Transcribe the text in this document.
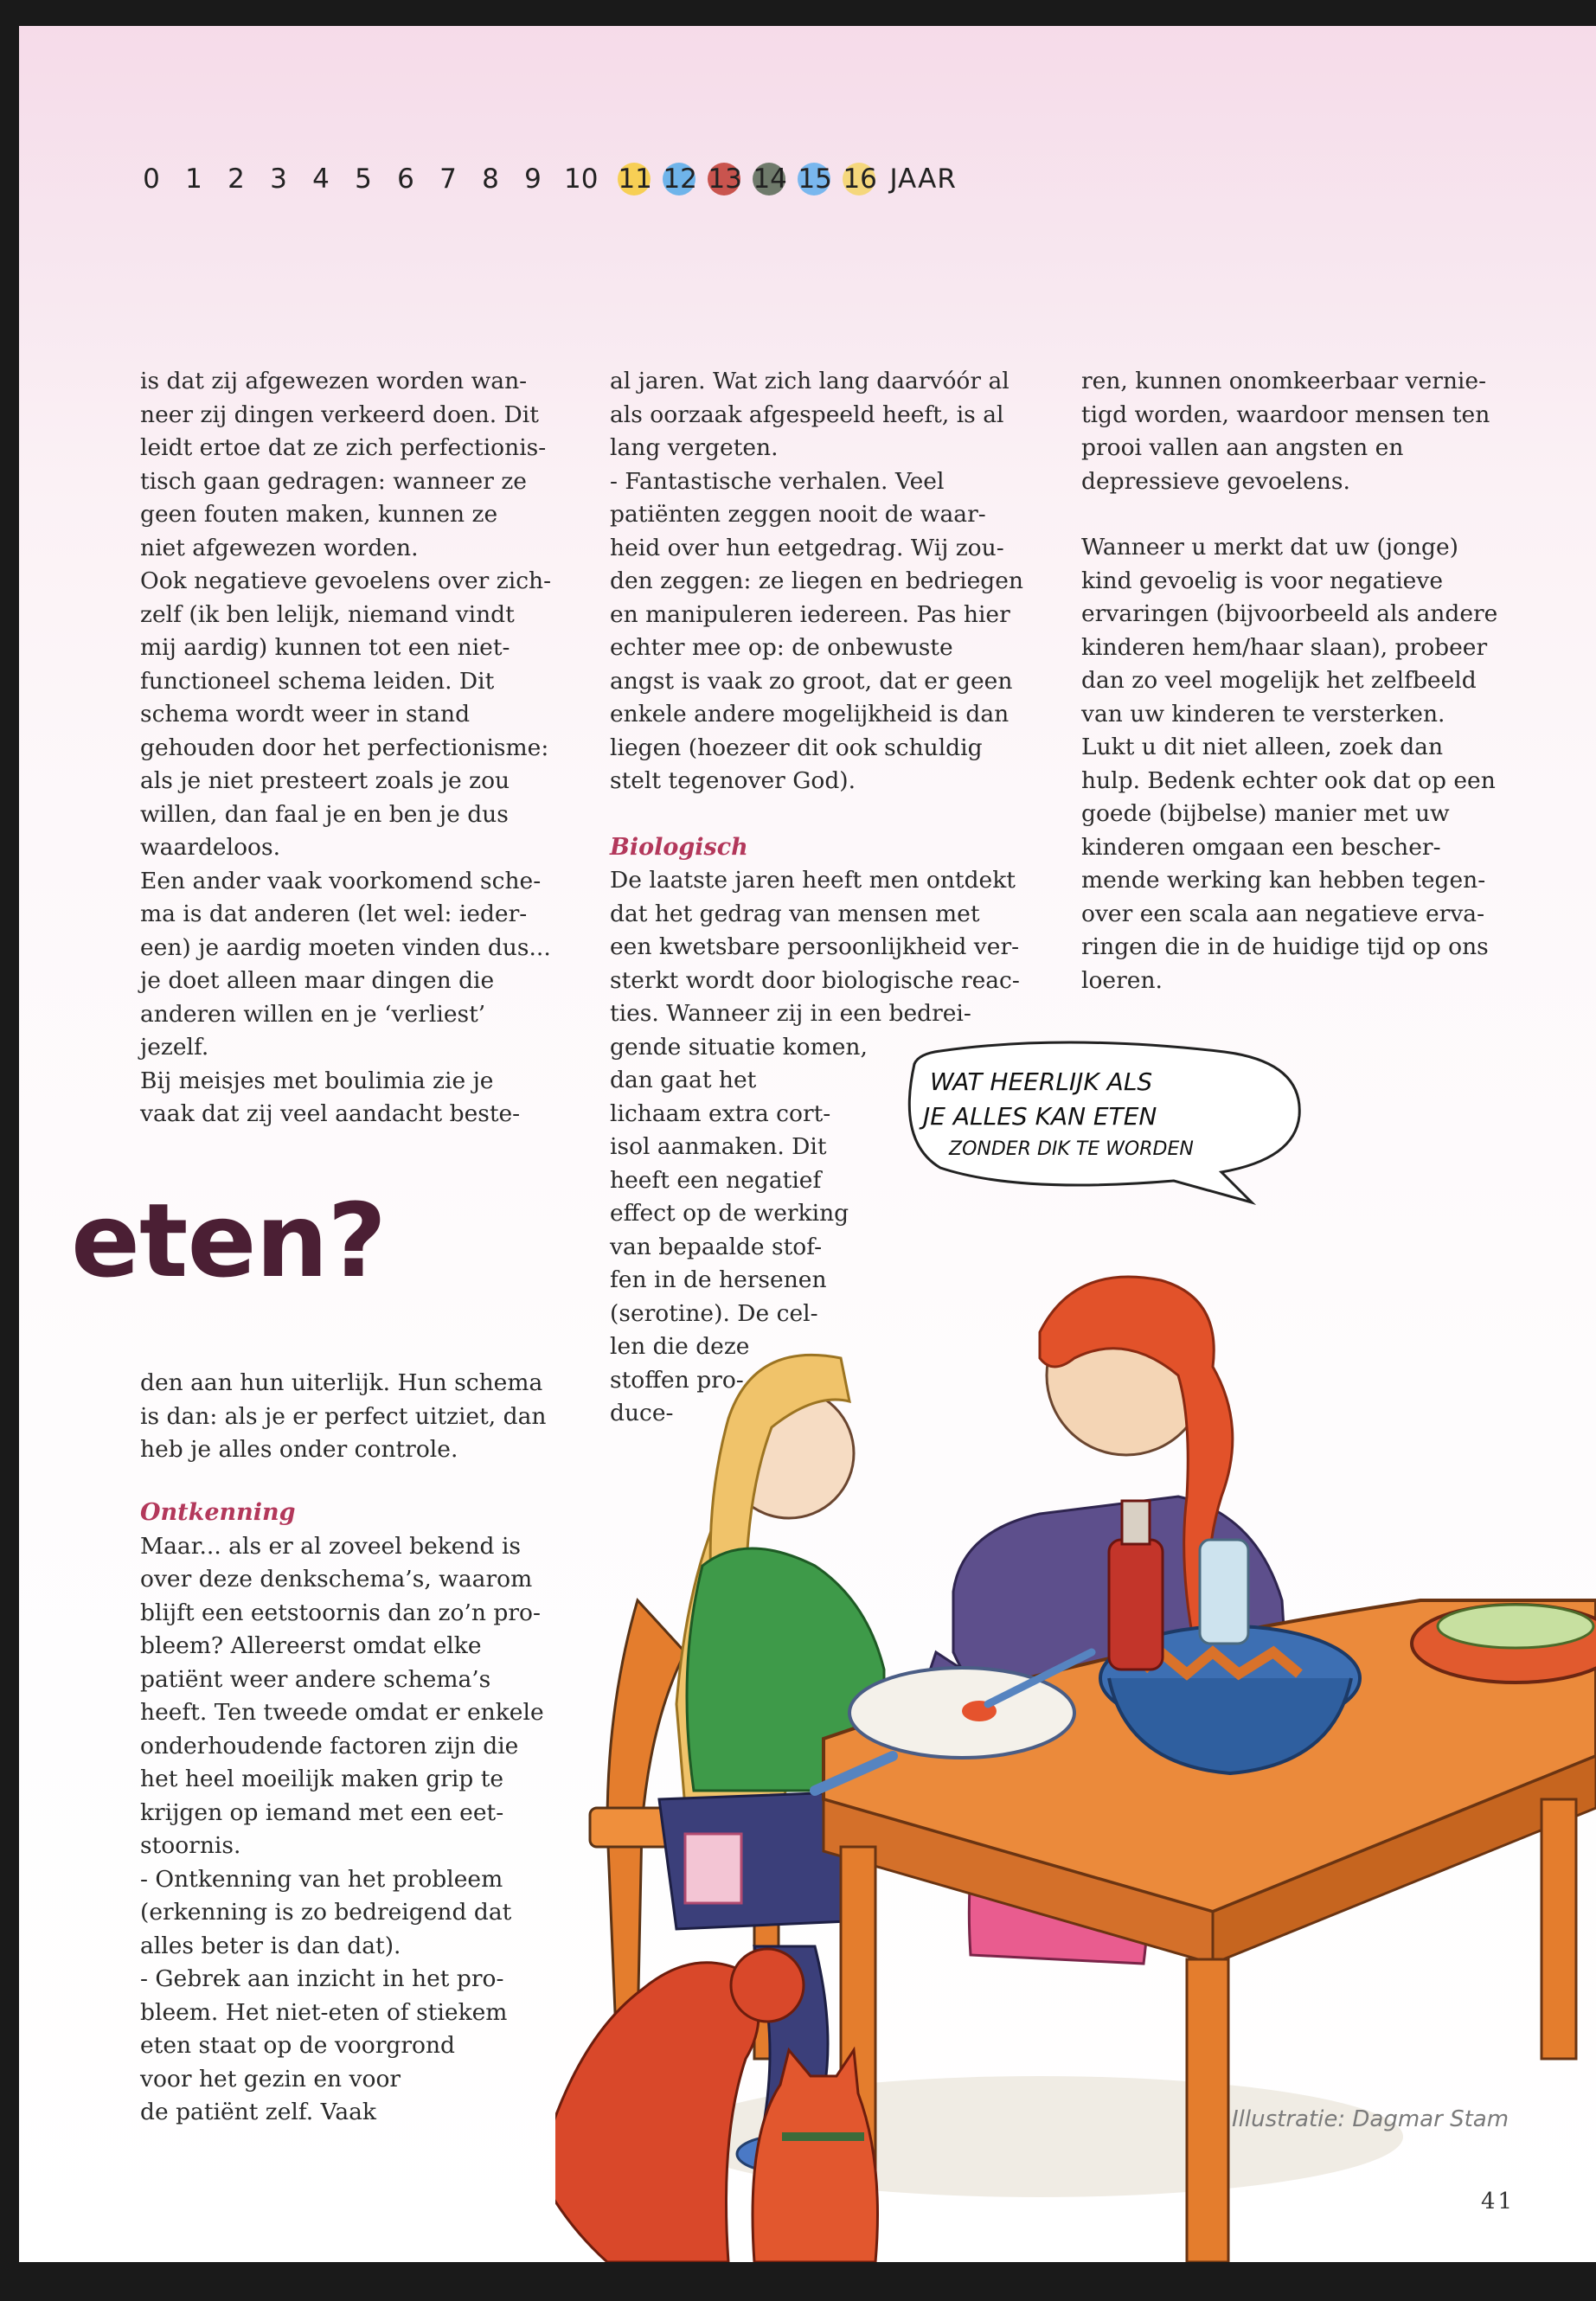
0 1 2 3 4 5 6 7 8 9 10 11 12 13 14 15 16 JAAR

is dat zij afgewezen worden wan-

neer zij dingen verkeerd doen. Dit

leidt ertoe dat ze zich perfectionis-

tisch gaan gedragen: wanneer ze

geen fouten maken, kunnen ze

niet afgewezen worden.

Ook negatieve gevoelens over zich-

zelf (ik ben lelijk, niemand vindt

mij aardig) kunnen tot een niet-

functioneel schema leiden. Dit

schema wordt weer in stand

gehouden door het perfectionisme:

als je niet presteert zoals je zou

willen, dan faal je en ben je dus

waardeloos.

Een ander vaak voorkomend sche-

ma is dat anderen (let wel: ieder-

een) je aardig moeten vinden dus...

je doet alleen maar dingen die

anderen willen en je ‘verliest’

jezelf.

Bij meisjes met boulimia zie je

vaak dat zij veel aandacht beste-

eten?

den aan hun uiterlijk. Hun schema

is dan: als je er perfect uitziet, dan

heb je alles onder controle.

Ontkenning

Maar... als er al zoveel bekend is

over deze denkschema’s, waarom

blijft een eetstoornis dan zo’n pro-

bleem? Allereerst omdat elke

patiënt weer andere schema’s

heeft. Ten tweede omdat er enkele

onderhoudende factoren zijn die

het heel moeilijk maken grip te

krijgen op iemand met een eet-

stoornis.

- Ontkenning van het probleem

(erkenning is zo bedreigend dat

alles beter is dan dat).

- Gebrek aan inzicht in het pro-

bleem. Het niet-eten of stiekem

eten staat op de voorgrond

voor het gezin en voor

de patiënt zelf. Vaak

al jaren. Wat zich lang daarvóór al

als oorzaak afgespeeld heeft, is al

lang vergeten.

- Fantastische verhalen. Veel

patiënten zeggen nooit de waar-

heid over hun eetgedrag. Wij zou-

den zeggen: ze liegen en bedriegen

en manipuleren iedereen. Pas hier

echter mee op: de onbewuste

angst is vaak zo groot, dat er geen

enkele andere mogelijkheid is dan

liegen (hoezeer dit ook schuldig

stelt tegenover God).

Biologisch

De laatste jaren heeft men ontdekt

dat het gedrag van mensen met

een kwetsbare persoonlijkheid ver-

sterkt wordt door biologische reac-

ties. Wanneer zij in een bedrei-

gende situatie komen,

dan gaat het

lichaam extra cort-

isol aanmaken. Dit

heeft een negatief

effect op de werking

van bepaalde stof-

fen in de hersenen

(serotine). De cel-

len die deze

stoffen pro-

duce-

ren, kunnen onomkeerbaar vernie-

tigd worden, waardoor mensen ten

prooi vallen aan angsten en

depressieve gevoelens.

Wanneer u merkt dat uw (jonge)

kind gevoelig is voor negatieve

ervaringen (bijvoorbeeld als andere

kinderen hem/haar slaan), probeer

dan zo veel mogelijk het zelfbeeld

van uw kinderen te versterken.

Lukt u dit niet alleen, zoek dan

hulp. Bedenk echter ook dat op een

goede (bijbelse) manier met uw

kinderen omgaan een bescher-

mende werking kan hebben tegen-

over een scala aan negatieve erva-

ringen die in de huidige tijd op ons

loeren.

WAT HEERLIJK ALS
JE ALLES KAN ETEN
ZONDER DIK TE WORDEN
Illustratie: Dagmar Stam
41
